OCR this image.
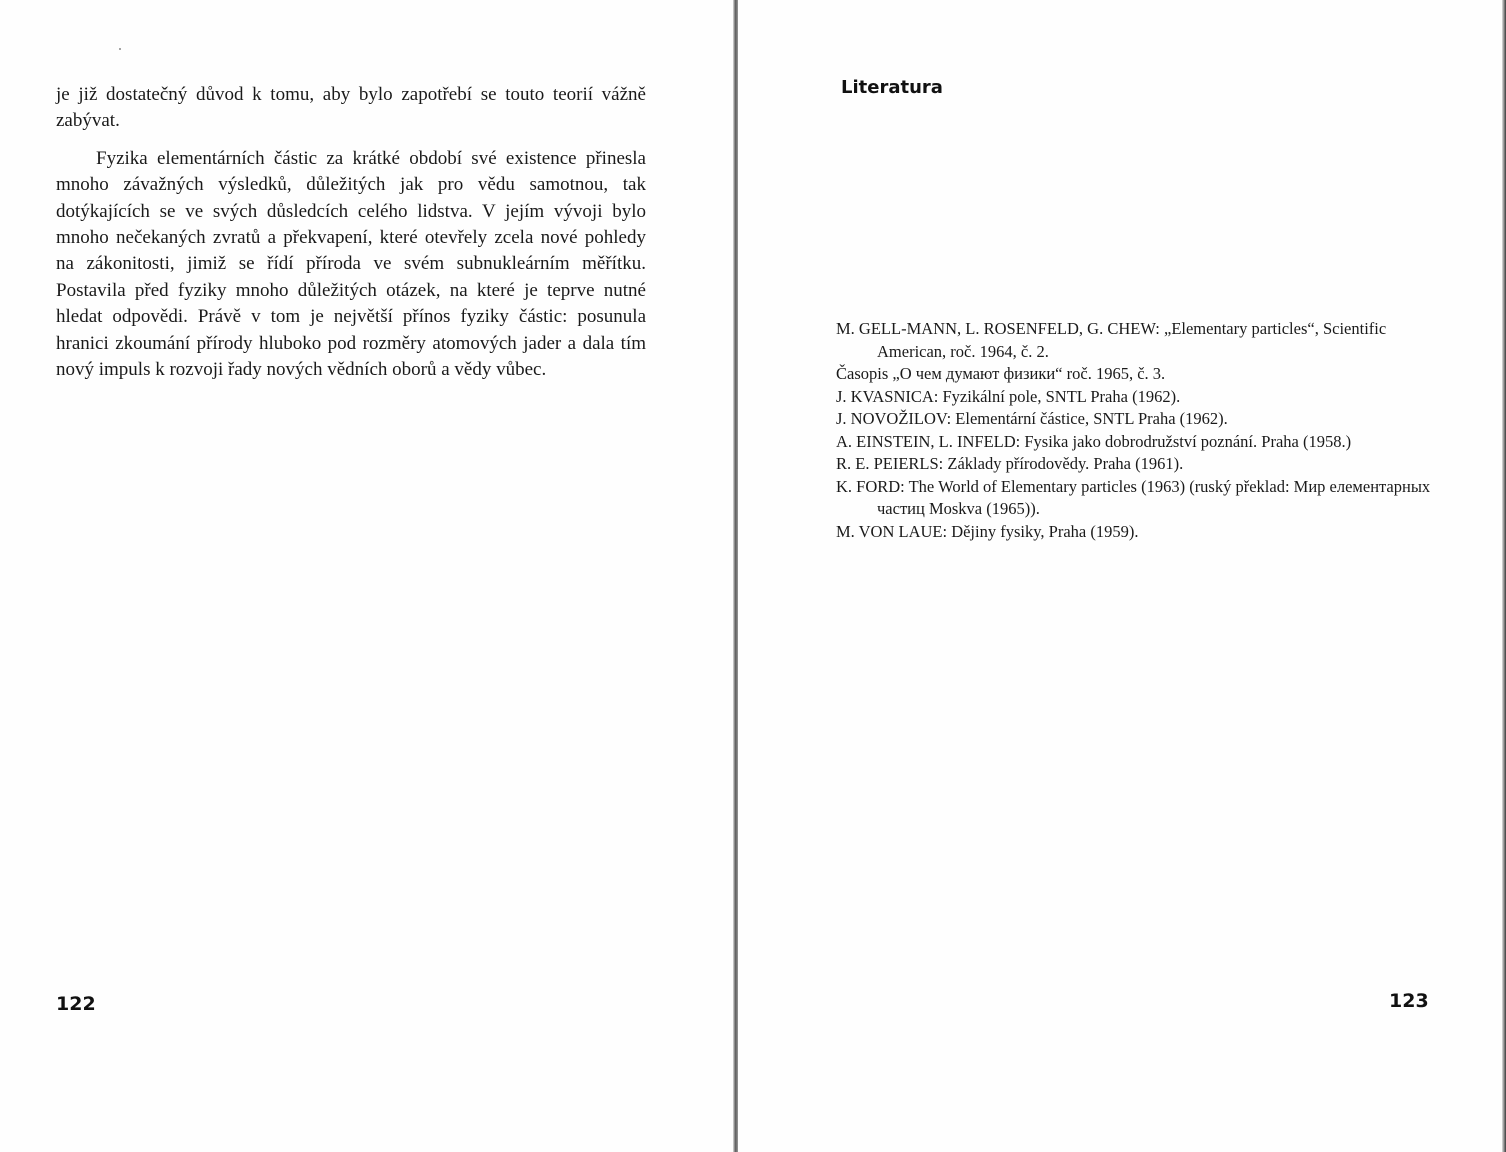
je již dostatečný důvod k tomu, aby bylo zapotřebí se touto teorií vážně zabývat.

Fyzika elementárních částic za krátké období své existence přinesla mnoho závažných výsledků, důležitých jak pro vědu samotnou, tak dotýkajících se ve svých důsledcích celého lidstva. V jejím vývoji bylo mnoho nečekaných zvratů a překvapení, které otevřely zcela nové pohledy na zákonitosti, jimiž se řídí příroda ve svém subnukleárním měřítku. Postavila před fyziky mnoho důležitých otázek, na které je teprve nutné hledat odpovědi. Právě v tom je největší přínos fyziky částic: posunula hranici zkoumání přírody hluboko pod rozměry atomových jader a dala tím nový impuls k rozvoji řady nových vědních oborů a vědy vůbec.

122
Literatura
M. GELL-MANN, L. ROSENFELD, G. CHEW: „Elementary particles“, Scientific American, roč. 1964, č. 2.
Časopis „O чем думают физики“ roč. 1965, č. 3.
J. KVASNICA: Fyzikální pole, SNTL Praha (1962).
J. NOVOŽILOV: Elementární částice, SNTL Praha (1962).
A. EINSTEIN, L. INFELD: Fysika jako dobrodružství poznání. Praha (1958.)
R. E. PEIERLS: Základy přírodovědy. Praha (1961).
K. FORD: The World of Elementary particles (1963) (ruský překlad: Мир елементарных частиц Moskva (1965)).
M. VON LAUE: Dějiny fysiky, Praha (1959).
123
